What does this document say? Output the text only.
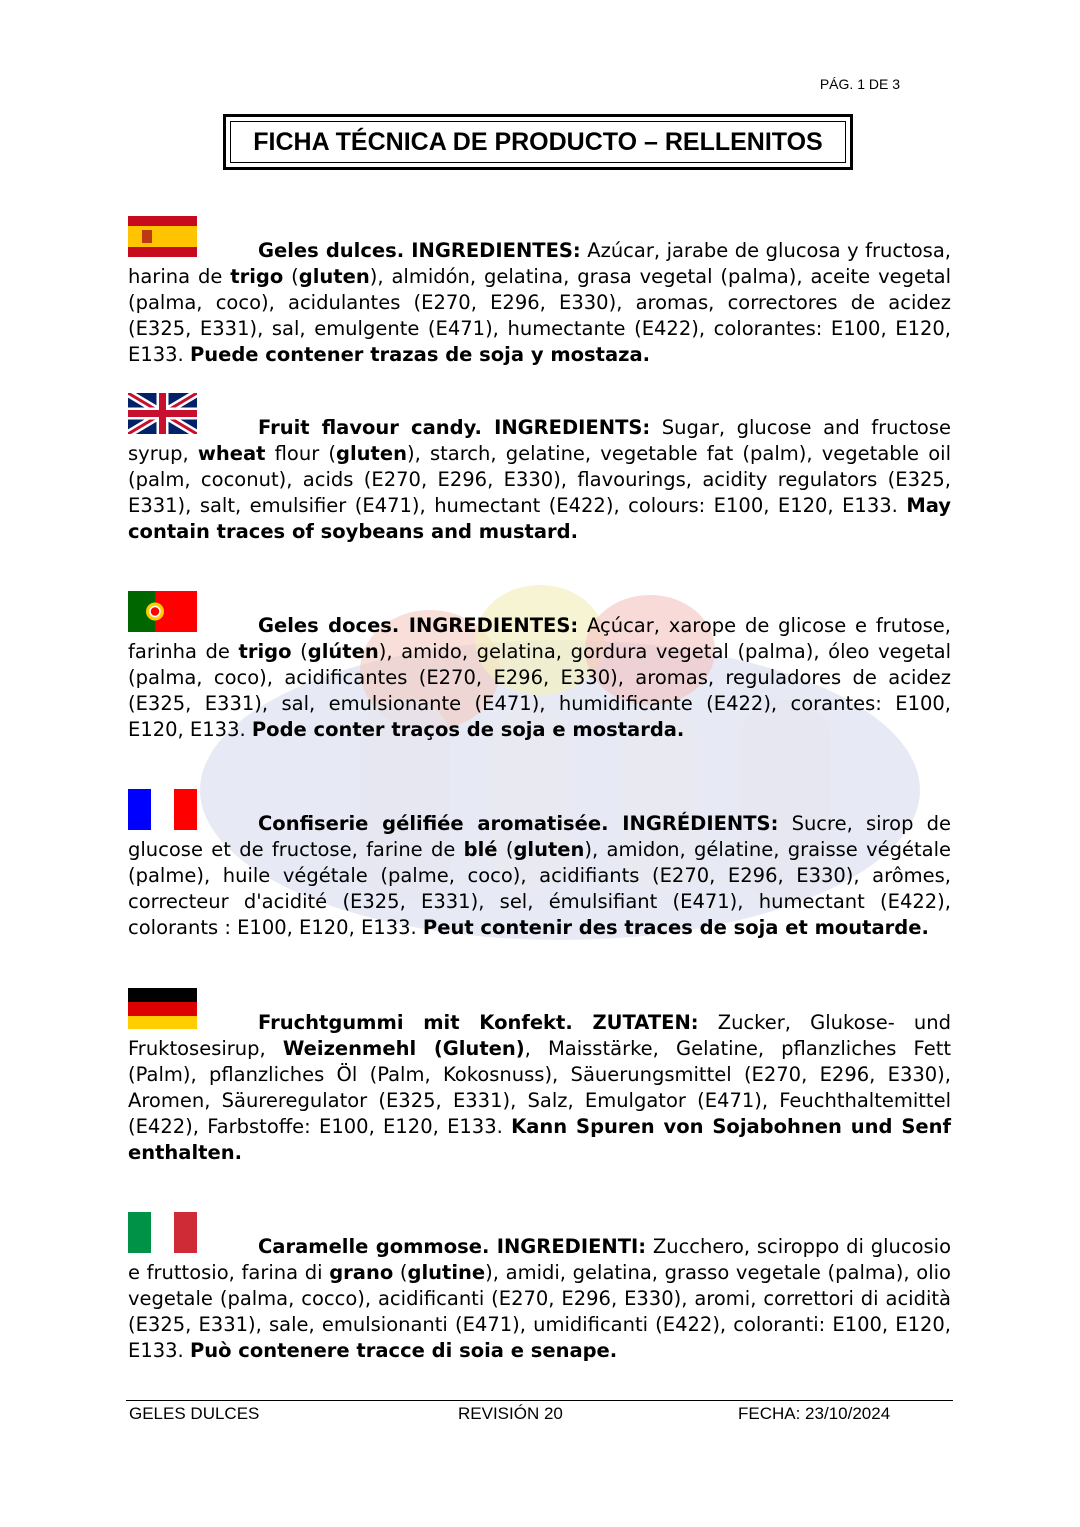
PÁG. 1 DE 3
FICHA TÉCNICA DE PRODUCTO – RELLENITOS

Geles dulces. INGREDIENTES: Azúcar, jarabe de glucosa y fructosa, harina de trigo (gluten), almidón, gelatina, grasa vegetal (palma), aceite vegetal (palma, coco), acidulantes (E270, E296, E330), aromas, correctores de acidez (E325, E331), sal, emulgente (E471), humectante (E422), colorantes: E100, E120, E133. Puede contener trazas de soja y mostaza.

Fruit flavour candy. INGREDIENTS: Sugar, glucose and fructose syrup, wheat flour (gluten), starch, gelatine, vegetable fat (palm), vegetable oil (palm, coconut), acids (E270, E296, E330), flavourings, acidity regulators (E325, E331), salt, emulsifier (E471), humectant (E422), colours: E100, E120, E133. May contain traces of soybeans and mustard.

Geles doces. INGREDIENTES: Açúcar, xarope de glicose e frutose, farinha de trigo (glúten), amido, gelatina, gordura vegetal (palma), óleo vegetal (palma, coco), acidificantes (E270, E296, E330), aromas, reguladores de acidez (E325, E331), sal, emulsionante (E471), humidificante (E422), corantes: E100, E120, E133. Pode conter traços de soja e mostarda.

Confiserie gélifiée aromatisée. INGRÉDIENTS: Sucre, sirop de glucose et de fructose, farine de blé (gluten), amidon, gélatine, graisse végétale (palme), huile végétale (palme, coco), acidifiants (E270, E296, E330), arômes, correcteur d'acidité (E325, E331), sel, émulsifiant (E471), humectant (E422), colorants : E100, E120, E133. Peut contenir des traces de soja et moutarde.

Fruchtgummi mit Konfekt. ZUTATEN: Zucker, Glukose- und Fruktosesirup, Weizenmehl (Gluten), Maisstärke, Gelatine, pflanzliches Fett (Palm), pflanzliches Öl (Palm, Kokosnuss), Säuerungsmittel (E270, E296, E330), Aromen, Säureregulator (E325, E331), Salz, Emulgator (E471), Feuchthaltemittel (E422), Farbstoffe: E100, E120, E133. Kann Spuren von Sojabohnen und Senf enthalten.

Caramelle gommose. INGREDIENTI: Zucchero, sciroppo di glucosio e fruttosio, farina di grano (glutine), amidi, gelatina, grasso vegetale (palma), olio vegetale (palma, cocco), acidificanti (E270, E296, E330), aromi, correttori di acidità (E325, E331), sale, emulsionanti (E471), umidificanti (E422), coloranti: E100, E120, E133. Può contenere tracce di soia e senape.

GELES DULCES	REVISIÓN 20	FECHA: 23/10/2024
